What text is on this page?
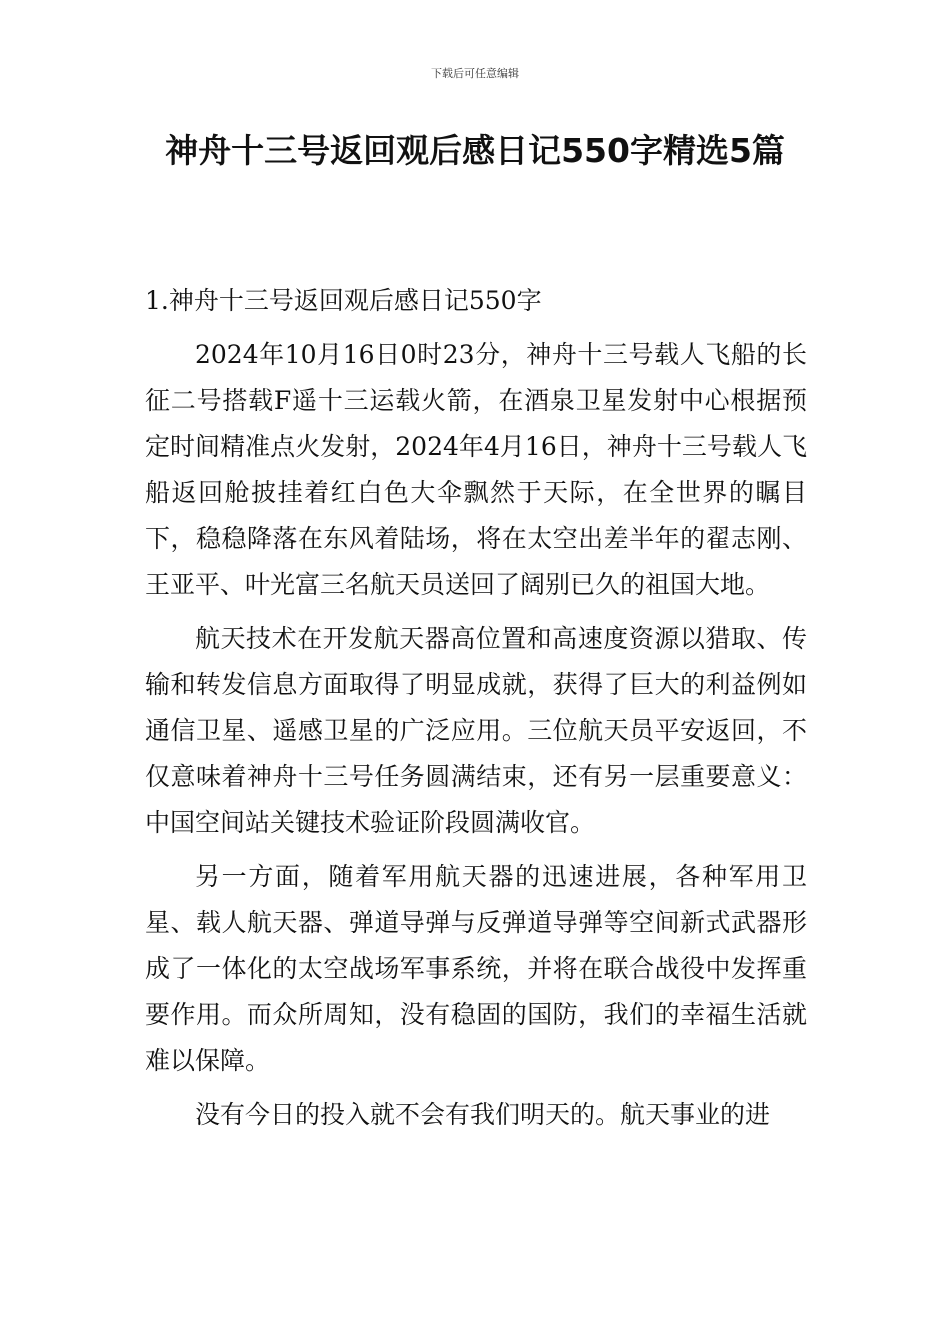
下载后可任意编辑
神舟十三号返回观后感日记550字精选5篇

1.神舟十三号返回观后感日记550字

2024年10月16日0时23分，神舟十三号载人飞船的长征二号搭载F遥十三运载火箭，在酒泉卫星发射中心根据预定时间精准点火发射，2024年4月16日，神舟十三号载人飞船返回舱披挂着红白色大伞飘然于天际，在全世界的瞩目下，稳稳降落在东风着陆场，将在太空出差半年的翟志刚、王亚平、叶光富三名航天员送回了阔别已久的祖国大地。

航天技术在开发航天器高位置和高速度资源以猎取、传输和转发信息方面取得了明显成就，获得了巨大的利益例如通信卫星、遥感卫星的广泛应用。三位航天员平安返回，不仅意味着神舟十三号任务圆满结束，还有另一层重要意义：中国空间站关键技术验证阶段圆满收官。

另一方面，随着军用航天器的迅速进展，各种军用卫星、载人航天器、弹道导弹与反弹道导弹等空间新式武器形成了一体化的太空战场军事系统，并将在联合战役中发挥重要作用。而众所周知，没有稳固的国防，我们的幸福生活就难以保障。

没有今日的投入就不会有我们明天的。航天事业的进
